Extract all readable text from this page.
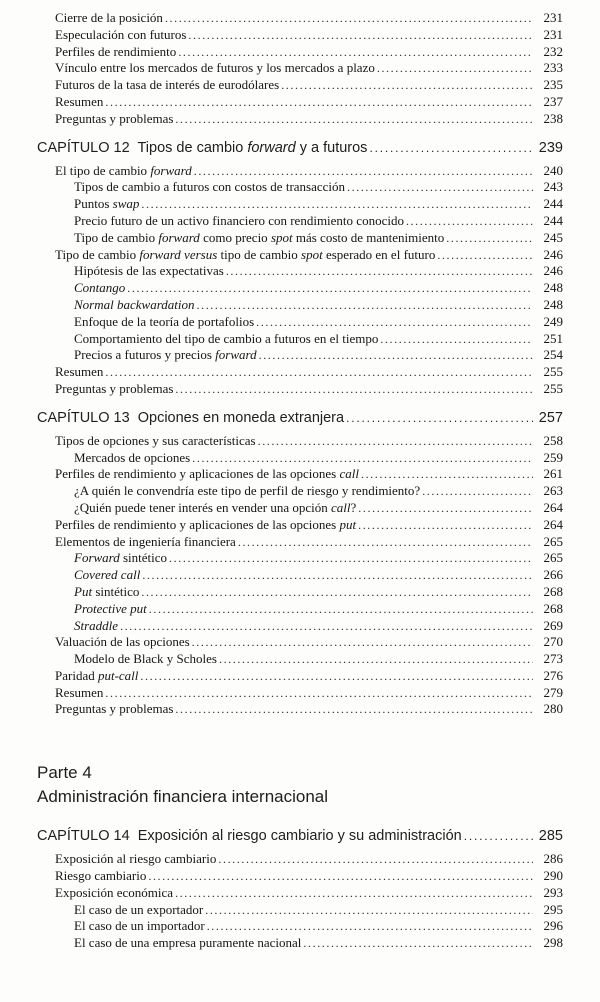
Cierre de la posición .....	231
Especulación con futuros .....	231
Perfiles de rendimiento .....	232
Vínculo entre los mercados de futuros y los mercados a plazo .....	233
Futuros de la tasa de interés de eurodólares .....	235
Resumen .....	237
Preguntas y problemas .....	238
CAPÍTULO 12  Tipos de cambio forward y a futuros .....	239
El tipo de cambio forward .....	240
Tipos de cambio a futuros con costos de transacción .....	243
Puntos swap .....	244
Precio futuro de un activo financiero con rendimiento conocido .....	244
Tipo de cambio forward como precio spot más costo de mantenimiento .....	245
Tipo de cambio forward versus tipo de cambio spot esperado en el futuro .....	246
Hipótesis de las expectativas .....	246
Contango .....	248
Normal backwardation .....	248
Enfoque de la teoría de portafolios .....	249
Comportamiento del tipo de cambio a futuros en el tiempo .....	251
Precios a futuros y precios forward .....	254
Resumen .....	255
Preguntas y problemas .....	255
CAPÍTULO 13  Opciones en moneda extranjera .....	257
Tipos de opciones y sus características .....	258
Mercados de opciones .....	259
Perfiles de rendimiento y aplicaciones de las opciones call .....	261
¿A quién le convendría este tipo de perfil de riesgo y rendimiento? .....	263
¿Quién puede tener interés en vender una opción call? .....	264
Perfiles de rendimiento y aplicaciones de las opciones put .....	264
Elementos de ingeniería financiera .....	265
Forward sintético .....	265
Covered call .....	266
Put sintético .....	268
Protective put .....	268
Straddle .....	269
Valuación de las opciones .....	270
Modelo de Black y Scholes .....	273
Paridad put-call .....	276
Resumen .....	279
Preguntas y problemas .....	280
Parte 4
Administración financiera internacional
CAPÍTULO 14  Exposición al riesgo cambiario y su administración .....	285
Exposición al riesgo cambiario .....	286
Riesgo cambiario .....	290
Exposición económica .....	293
El caso de un exportador .....	295
El caso de un importador .....	296
El caso de una empresa puramente nacional .....	298
